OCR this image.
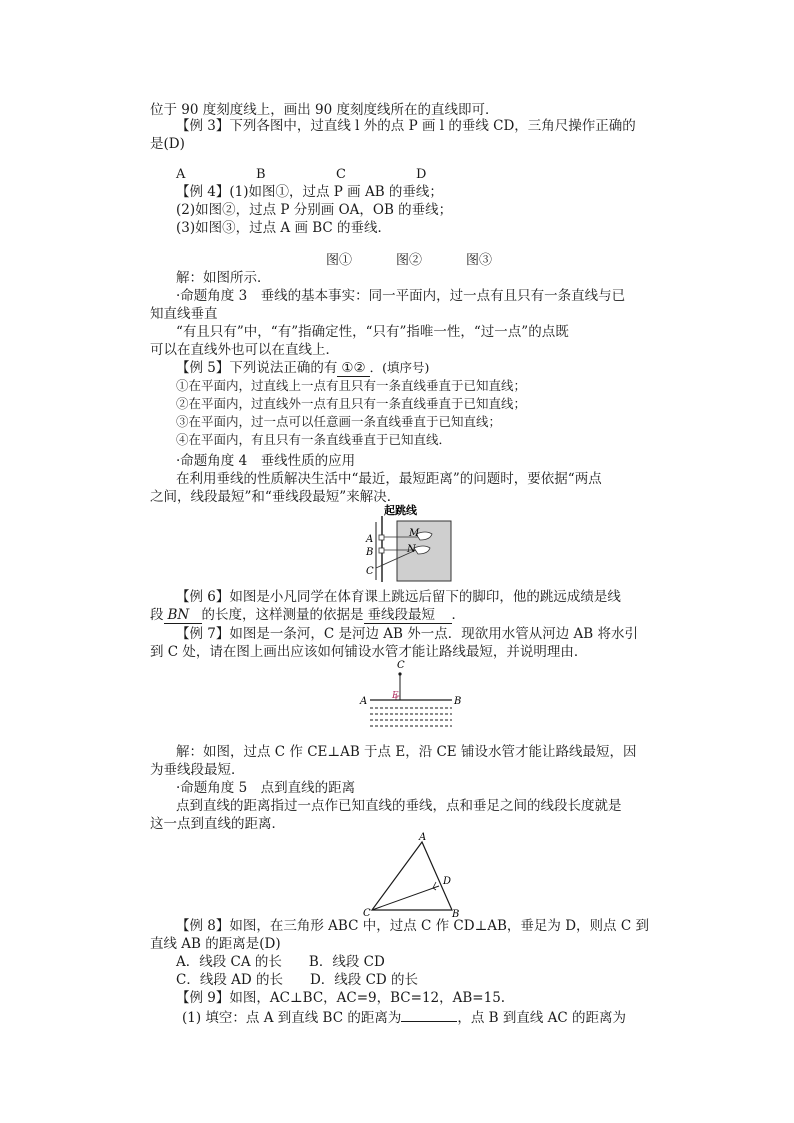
位于 90 度刻度线上，画出 90 度刻度线所在的直线即可．
【例 3】下列各图中，过直线 l 外的点 P 画 l 的垂线 CD，三角尺操作正确的
是(D)
A	B	C	D
【例 4】(1)如图①，过点 P 画 AB 的垂线；
(2)如图②，过点 P 分别画 OA，OB 的垂线；
(3)如图③，过点 A 画 BC 的垂线．
图①	图②	图③
解：如图所示．
·命题角度 3　垂线的基本事实：同一平面内，过一点有且只有一条直线与已
知直线垂直
“有且只有”中，“有”指确定性，“只有”指唯一性，“过一点”的点既
可以在直线外也可以在直线上．
【例 5】下列说法正确的有 ①② ．(填序号)
①在平面内，过直线上一点有且只有一条直线垂直于已知直线；
②在平面内，过直线外一点有且只有一条直线垂直于已知直线；
③在平面内，过一点可以任意画一条直线垂直于已知直线；
④在平面内，有且只有一条直线垂直于已知直线．
·命题角度 4　垂线性质的应用
在利用垂线的性质解决生活中“最近，最短距离”的问题时，要依据“两点
之间，线段最短”和“垂线段最短”来解决．
起跳线
A
B
C
M
N
【例 6】如图是小凡同学在体育课上跳远后留下的脚印，他的跳远成绩是线
段 BN 的长度，这样测量的依据是 垂线段最短 ．
【例 7】如图是一条河，C 是河边 AB 外一点．现欲用水管从河边 AB 将水引
到 C 处，请在图上画出应该如何铺设水管才能让路线最短，并说明理由．
C
A	E	B
解：如图，过点 C 作 CE⊥AB 于点 E，沿 CE 铺设水管才能让路线最短，因
为垂线段最短．
·命题角度 5　点到直线的距离
点到直线的距离指过一点作已知直线的垂线，点和垂足之间的线段长度就是
这一点到直线的距离．
A
D
C	B
【例 8】如图，在三角形 ABC 中，过点 C 作 CD⊥AB，垂足为 D，则点 C 到
直线 AB 的距离是(D)
A．线段 CA 的长　　B．线段 CD
C．线段 AD 的长　　D．线段 CD 的长
【例 9】如图，AC⊥BC，AC=9，BC=12，AB=15.
(1) 填空：点 A 到直线 BC 的距离为	，点 B 到直线 AC 的距离为
